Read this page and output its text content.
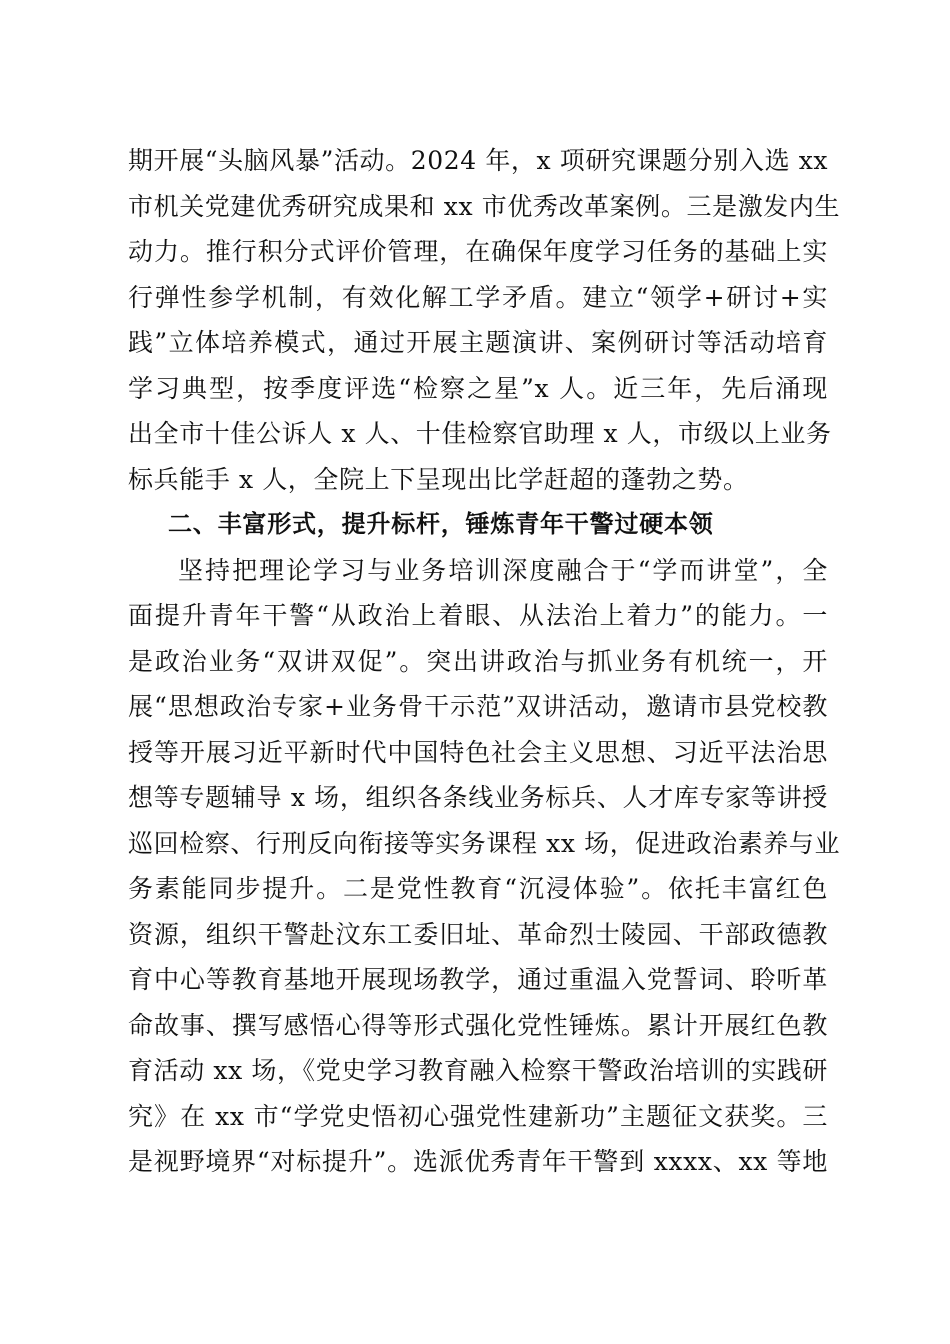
期开展“头脑风暴”活动。2024 年，x 项研究课题分别入选 xx
市机关党建优秀研究成果和 xx 市优秀改革案例。三是激发内生
动力。推行积分式评价管理，在确保年度学习任务的基础上实
行弹性参学机制，有效化解工学矛盾。建立“领学+研讨+实
践”立体培养模式，通过开展主题演讲、案例研讨等活动培育
学习典型，按季度评选“检察之星”x 人。近三年，先后涌现
出全市十佳公诉人 x 人、十佳检察官助理 x 人，市级以上业务
标兵能手 x 人，全院上下呈现出比学赶超的蓬勃之势。
二、丰富形式，提升标杆，锤炼青年干警过硬本领
坚持把理论学习与业务培训深度融合于“学而讲堂”，全
面提升青年干警“从政治上着眼、从法治上着力”的能力。一
是政治业务“双讲双促”。突出讲政治与抓业务有机统一，开
展“思想政治专家+业务骨干示范”双讲活动，邀请市县党校教
授等开展习近平新时代中国特色社会主义思想、习近平法治思
想等专题辅导 x 场，组织各条线业务标兵、人才库专家等讲授
巡回检察、行刑反向衔接等实务课程 xx 场，促进政治素养与业
务素能同步提升。二是党性教育“沉浸体验”。依托丰富红色
资源，组织干警赴汶东工委旧址、革命烈士陵园、干部政德教
育中心等教育基地开展现场教学，通过重温入党誓词、聆听革
命故事、撰写感悟心得等形式强化党性锤炼。累计开展红色教
育活动 xx 场，《党史学习教育融入检察干警政治培训的实践研
究》在 xx 市“学党史悟初心强党性建新功”主题征文获奖。三
是视野境界“对标提升”。选派优秀青年干警到 xxxx、xx 等地
